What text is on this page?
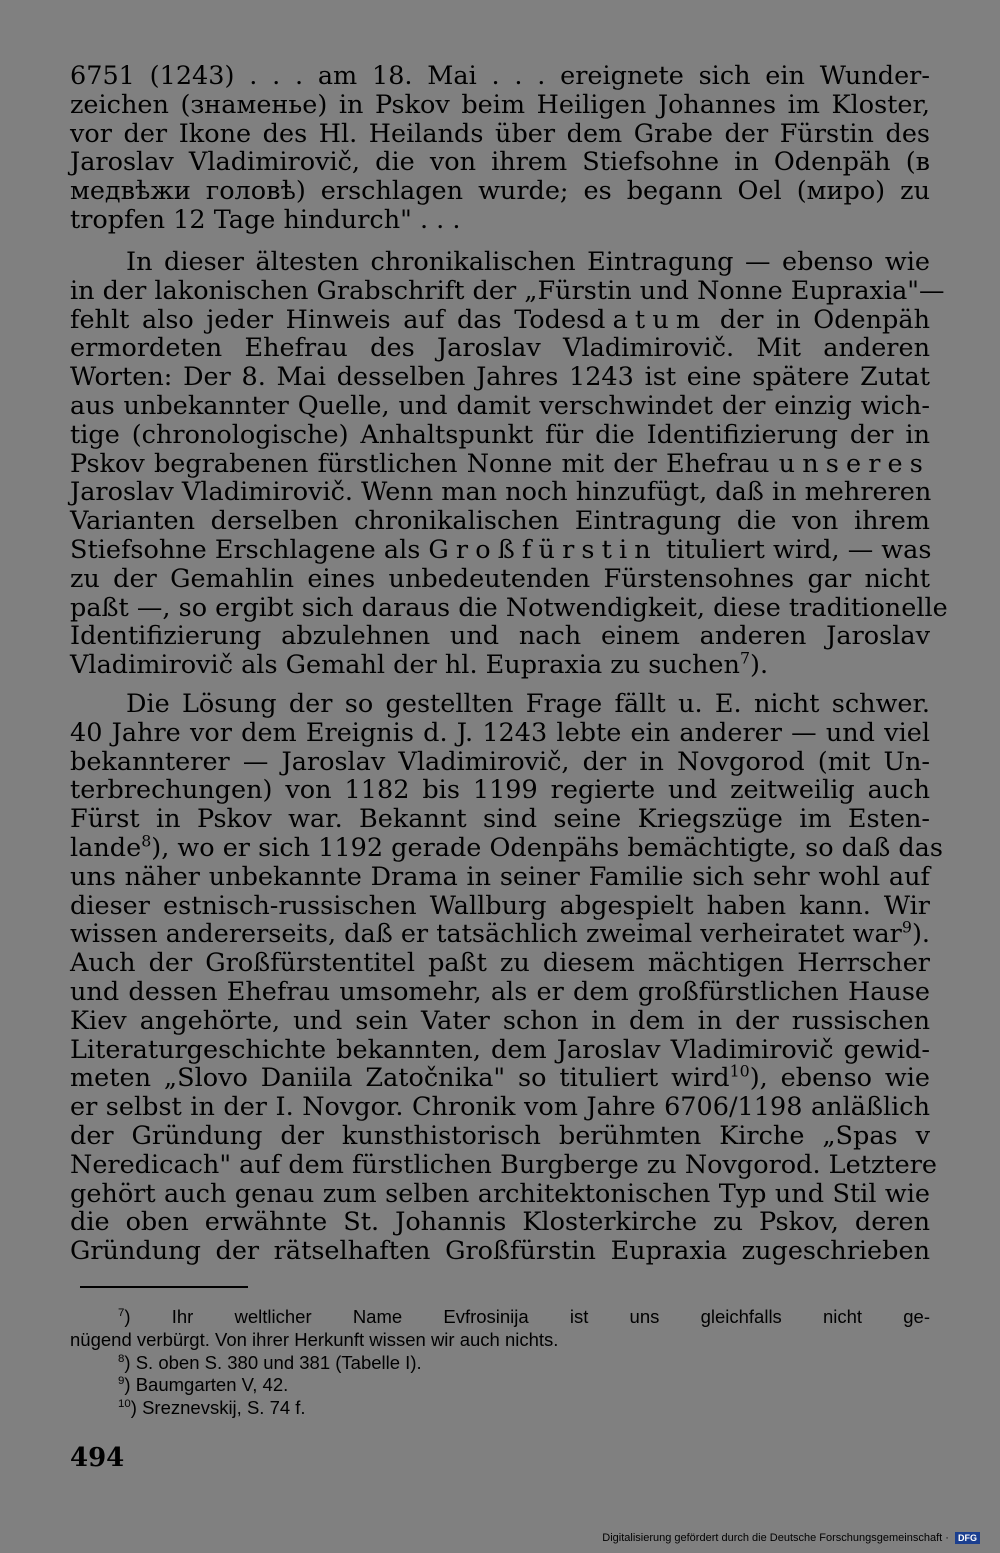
6751 (1243) . . . am 18. Mai . . . ereignete sich ein Wunder-
zeichen (знаменье) in Pskov beim Heiligen Johannes im Kloster,
vor der Ikone des Hl. Heilands über dem Grabe der Fürstin des
Jaroslav Vladimirovič, die von ihrem Stiefsohne in Odenpäh (в
медвѣжи головѣ) erschlagen wurde; es begann Oel (миро) zu
tropfen 12 Tage hindurch" . . .
In dieser ältesten chronikalischen Eintragung — ebenso wie
in der lakonischen Grabschrift der „Fürstin und Nonne Eupraxia"—
fehlt also jeder Hinweis auf das Todesdatum der in Odenpäh
ermordeten Ehefrau des Jaroslav Vladimirovič. Mit anderen
Worten: Der 8. Mai desselben Jahres 1243 ist eine spätere Zutat
aus unbekannter Quelle, und damit verschwindet der einzig wich-
tige (chronologische) Anhaltspunkt für die Identifizierung der in
Pskov begrabenen fürstlichen Nonne mit der Ehefrau unseres
Jaroslav Vladimirovič. Wenn man noch hinzufügt, daß in mehreren
Varianten derselben chronikalischen Eintragung die von ihrem
Stiefsohne Erschlagene als Großfürstin tituliert wird, — was
zu der Gemahlin eines unbedeutenden Fürstensohnes gar nicht
paßt —, so ergibt sich daraus die Notwendigkeit, diese traditionelle
Identifizierung abzulehnen und nach einem anderen Jaroslav
Vladimirovič als Gemahl der hl. Eupraxia zu suchen$^7$).
Die Lösung der so gestellten Frage fällt u. E. nicht schwer.
40 Jahre vor dem Ereignis d. J. 1243 lebte ein anderer — und viel
bekannterer — Jaroslav Vladimirovič, der in Novgorod (mit Un-
terbrechungen) von 1182 bis 1199 regierte und zeitweilig auch
Fürst in Pskov war. Bekannt sind seine Kriegszüge im Esten-
lande$^8$), wo er sich 1192 gerade Odenpähs bemächtigte, so daß das
uns näher unbekannte Drama in seiner Familie sich sehr wohl auf
dieser estnisch-russischen Wallburg abgespielt haben kann. Wir
wissen andererseits, daß er tatsächlich zweimal verheiratet war$^9$).
Auch der Großfürstentitel paßt zu diesem mächtigen Herrscher
und dessen Ehefrau umsomehr, als er dem großfürstlichen Hause
Kiev angehörte, und sein Vater schon in dem in der russischen
Literaturgeschichte bekannten, dem Jaroslav Vladimirovič gewid-
meten „Slovo Daniila Zatočnika" so tituliert wird$^{10}$), ebenso wie
er selbst in der I. Novgor. Chronik vom Jahre 6706/1198 anläßlich
der Gründung der kunsthistorisch berühmten Kirche „Spas v
Neredicach" auf dem fürstlichen Burgberge zu Novgorod. Letztere
gehört auch genau zum selben architektonischen Typ und Stil wie
die oben erwähnte St. Johannis Klosterkirche zu Pskov, deren
Gründung der rätselhaften Großfürstin Eupraxia zugeschrieben
$^7$) Ihr weltlicher Name Evfrosinija ist uns gleichfalls nicht ge-
nügend verbürgt. Von ihrer Herkunft wissen wir auch nichts.
$^8$) S. oben S. 380 und 381 (Tabelle I).
$^9$) Baumgarten V, 42.
$^{10}$) Sreznevskij, S. 74 f.
494
Digitalisierung gefördert durch die Deutsche Forschungsgemeinschaft · DFG
